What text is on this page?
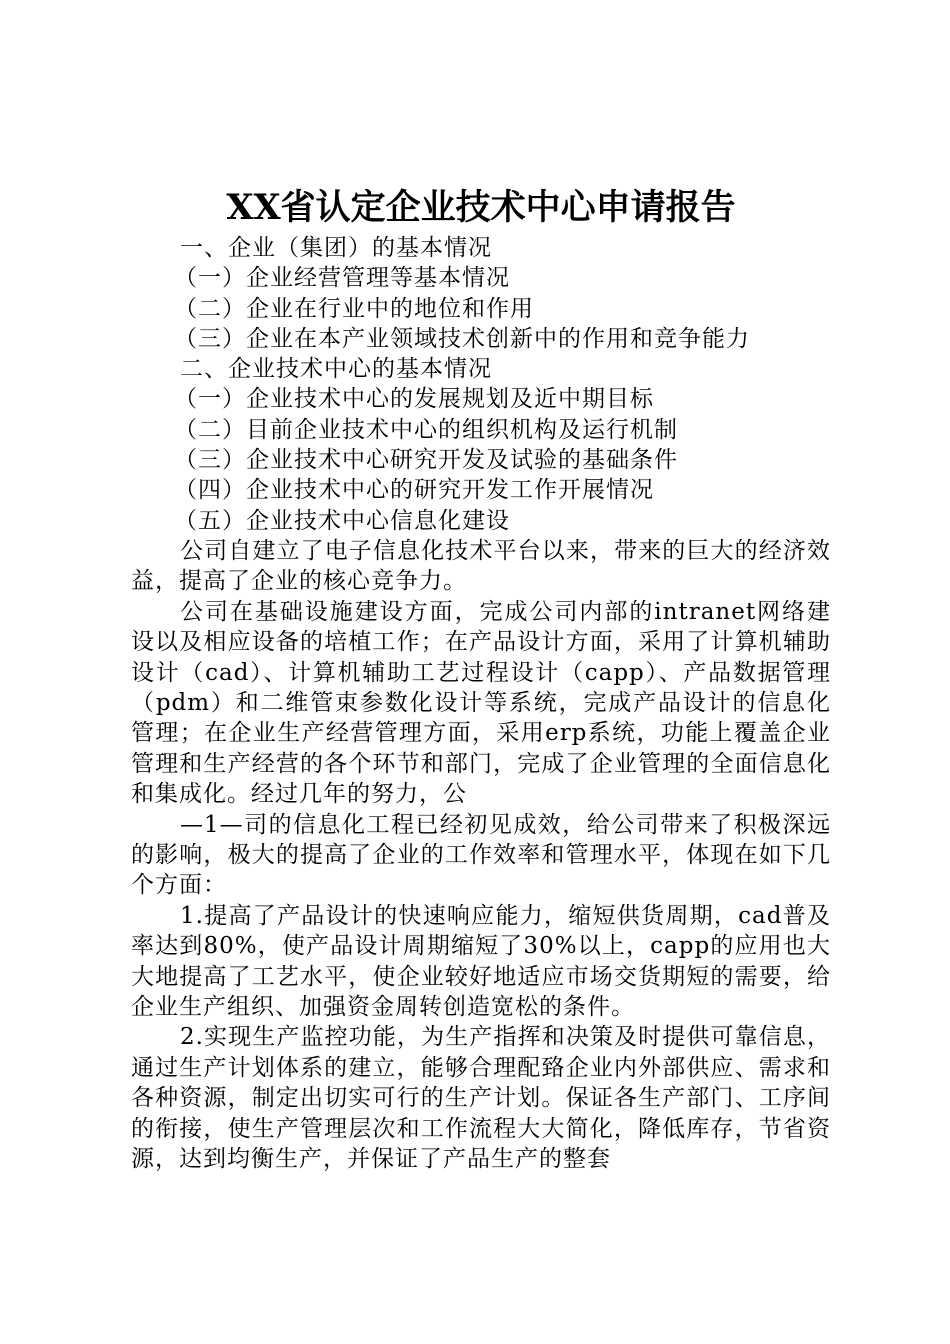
XX省认定企业技术中心申请报告
一、企业（集团）的基本情况
（一）企业经营管理等基本情况
（二）企业在行业中的地位和作用
（三）企业在本产业领域技术创新中的作用和竞争能力
二、企业技术中心的基本情况
（一）企业技术中心的发展规划及近中期目标
（二）目前企业技术中心的组织机构及运行机制
（三）企业技术中心研究开发及试验的基础条件
（四）企业技术中心的研究开发工作开展情况
（五）企业技术中心信息化建设

公司自建立了电子信息化技术平台以来，带来的巨大的经济效益，提高了企业的核心竞争力。

公司在基础设施建设方面，完成公司内部的intranet网络建设以及相应设备的培植工作；在产品设计方面，采用了计算机辅助设计（cad）、计算机辅助工艺过程设计（capp）、产品数据管理（pdm）和二维管束参数化设计等系统，完成产品设计的信息化管理；在企业生产经营管理方面，采用erp系统，功能上覆盖企业管理和生产经营的各个环节和部门，完成了企业管理的全面信息化和集成化。经过几年的努力，公

—1—司的信息化工程已经初见成效，给公司带来了积极深远的影响，极大的提高了企业的工作效率和管理水平，体现在如下几个方面：

1.提高了产品设计的快速响应能力，缩短供货周期，cad普及率达到80%，使产品设计周期缩短了30%以上，capp的应用也大大地提高了工艺水平，使企业较好地适应市场交货期短的需要，给企业生产组织、加强资金周转创造宽松的条件。

2.实现生产监控功能，为生产指挥和决策及时提供可靠信息，通过生产计划体系的建立，能够合理配臵企业内外部供应、需求和各种资源，制定出切实可行的生产计划。保证各生产部门、工序间的衔接，使生产管理层次和工作流程大大简化，降低库存，节省资源，达到均衡生产，并保证了产品生产的整套
